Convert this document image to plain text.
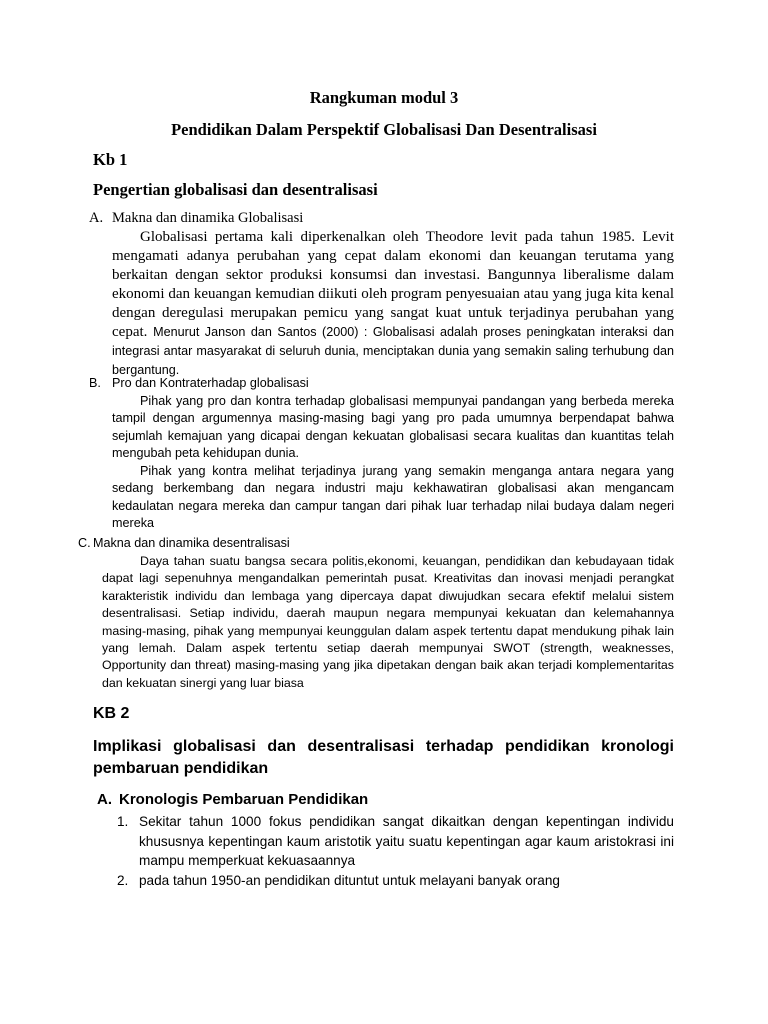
Rangkuman modul 3
Pendidikan Dalam Perspektif Globalisasi Dan Desentralisasi
Kb 1
Pengertian globalisasi dan desentralisasi
A. Makna dan dinamika Globalisasi
Globalisasi pertama kali diperkenalkan oleh Theodore levit pada tahun 1985. Levit mengamati adanya perubahan yang cepat dalam ekonomi dan keuangan terutama yang berkaitan dengan sektor produksi konsumsi dan investasi. Bangunnya liberalisme dalam ekonomi dan keuangan kemudian diikuti oleh program penyesuaian atau yang juga kita kenal dengan deregulasi merupakan pemicu yang sangat kuat untuk terjadinya perubahan yang cepat. Menurut Janson dan Santos (2000) : Globalisasi adalah proses peningkatan interaksi dan integrasi antar masyarakat di seluruh dunia, menciptakan dunia yang semakin saling terhubung dan bergantung.
B. Pro dan Kontraterhadap globalisasi
Pihak yang pro dan kontra terhadap globalisasi mempunyai pandangan yang berbeda mereka tampil dengan argumennya masing-masing bagi yang pro pada umumnya berpendapat bahwa sejumlah kemajuan yang dicapai dengan kekuatan globalisasi secara kualitas dan kuantitas telah mengubah peta kehidupan dunia.
Pihak yang kontra melihat terjadinya jurang yang semakin menganga antara negara yang sedang berkembang dan negara industri maju kekhawatiran globalisasi akan mengancam kedaulatan negara mereka dan campur tangan dari pihak luar terhadap nilai budaya dalam negeri mereka
C. Makna dan dinamika desentralisasi
Daya tahan suatu bangsa secara politis,ekonomi, keuangan, pendidikan dan kebudayaan tidak dapat lagi sepenuhnya mengandalkan pemerintah pusat. Kreativitas dan inovasi menjadi perangkat karakteristik individu dan lembaga yang dipercaya dapat diwujudkan secara efektif melalui sistem desentralisasi. Setiap individu, daerah maupun negara mempunyai kekuatan dan kelemahannya masing-masing, pihak yang mempunyai keunggulan dalam aspek tertentu dapat mendukung pihak lain yang lemah. Dalam aspek tertentu setiap daerah mempunyai SWOT (strength, weaknesses, Opportunity dan threat) masing-masing yang jika dipetakan dengan baik akan terjadi komplementaritas dan kekuatan sinergi yang luar biasa
KB 2
Implikasi globalisasi dan desentralisasi terhadap pendidikan kronologi pembaruan pendidikan
A. Kronologis Pembaruan Pendidikan
1. Sekitar tahun 1000 fokus pendidikan sangat dikaitkan dengan kepentingan individu khususnya kepentingan kaum aristotik yaitu suatu kepentingan agar kaum aristokrasi ini mampu memperkuat kekuasaannya
2. pada tahun 1950-an pendidikan dituntut untuk melayani banyak orang
